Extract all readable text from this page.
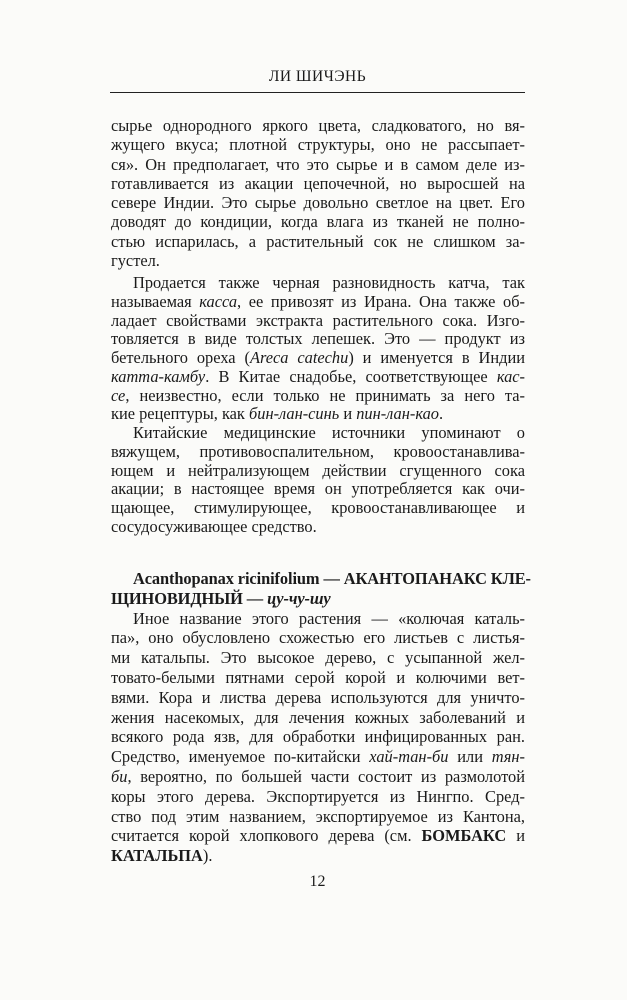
ЛИ ШИЧЭНЬ
сырье однородного яркого цвета, сладковатого, но вя-
жущего вкуса; плотной структуры, оно не рассыпает-
ся». Он предполагает, что это сырье и в самом деле из-
готавливается из акации цепочечной, но выросшей на
севере Индии. Это сырье довольно светлое на цвет. Его
доводят до кондиции, когда влага из тканей не полно-
стью испарилась, а растительный сок не слишком за-
густел.
Продается также черная разновидность катча, так
называемая касса, ее привозят из Ирана. Она также об-
ладает свойствами экстракта растительного сока. Изго-
товляется в виде толстых лепешек. Это — продукт из
бетельного ореха (Areca catechu) и именуется в Индии
катта-камбу. В Китае снадобье, соответствующее кас-
се, неизвестно, если только не принимать за него та-
кие рецептуры, как бин-лан-синь и пин-лан-као.
Китайские медицинские источники упоминают о
вяжущем, противовоспалительном, кровоостанавлива-
ющем и нейтрализующем действии сгущенного сока
акации; в настоящее время он употребляется как очи-
щающее, стимулирующее, кровоостанавливающее и
сосудосуживающее средство.
Acanthopanax ricinifolium — АКАНТОПАНАКС КЛЕ-
ЩИНОВИДНЫЙ — цу-чу-шу
Иное название этого растения — «колючая каталь-
па», оно обусловлено схожестью его листьев с листья-
ми катальпы. Это высокое дерево, с усыпанной жел-
товато-белыми пятнами серой корой и колючими вет-
вями. Кора и листва дерева используются для уничто-
жения насекомых, для лечения кожных заболеваний и
всякого рода язв, для обработки инфицированных ран.
Средство, именуемое по-китайски хай-тан-би или тян-
би, вероятно, по большей части состоит из размолотой
коры этого дерева. Экспортируется из Нингпо. Сред-
ство под этим названием, экспортируемое из Кантона,
считается корой хлопкового дерева (см. БОМБАКС и
КАТАЛЬПА).
12
